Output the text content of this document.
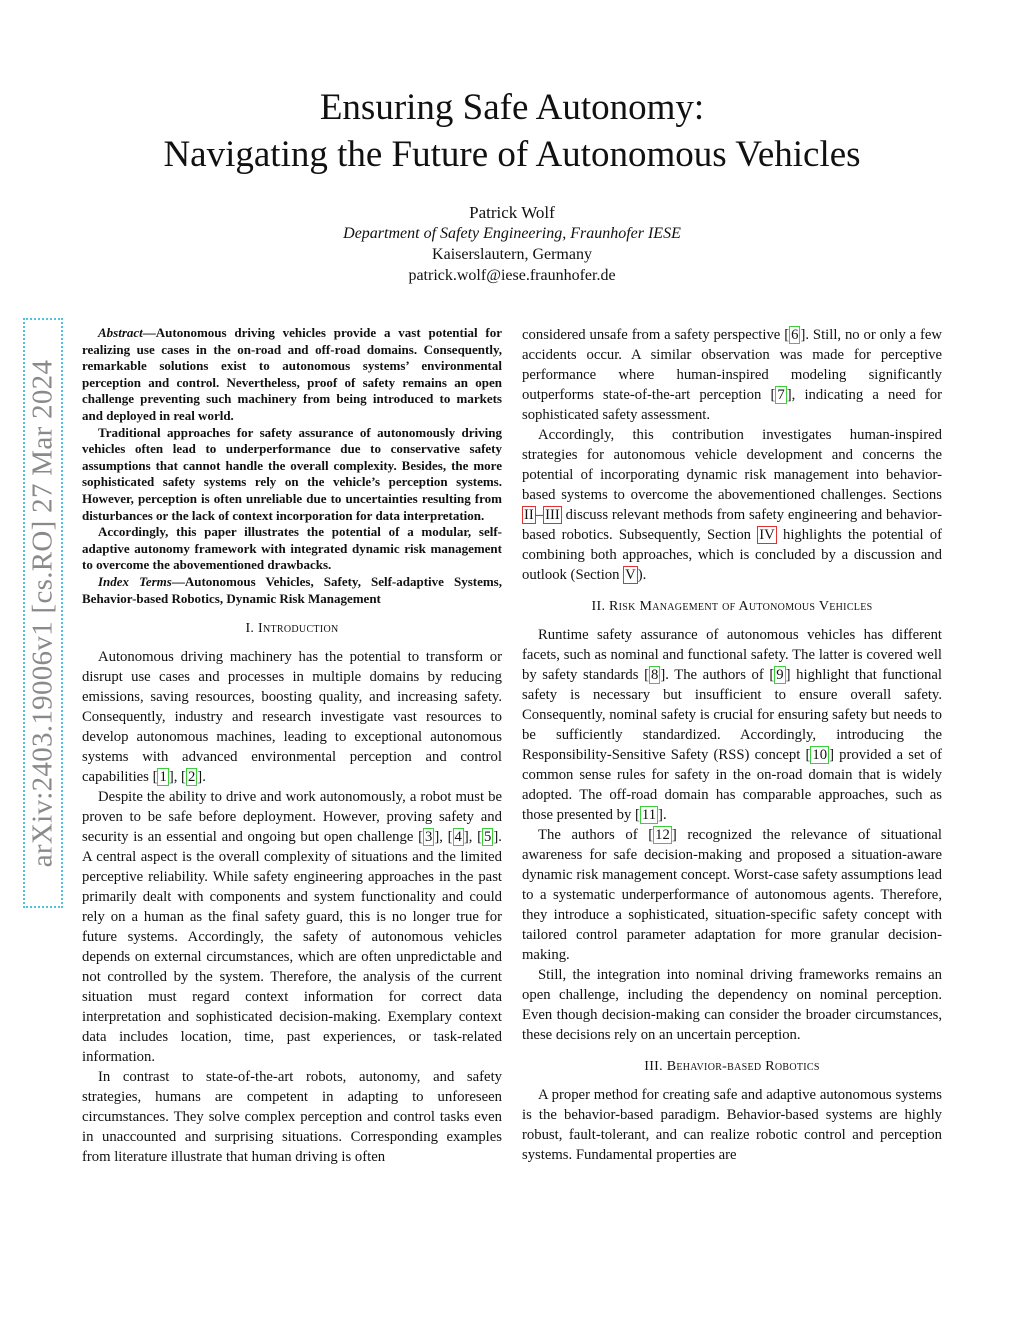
arXiv:2403.19006v1 [cs.RO] 27 Mar 2024
Ensuring Safe Autonomy:
Navigating the Future of Autonomous Vehicles
Patrick Wolf
Department of Safety Engineering, Fraunhofer IESE
Kaiserslautern, Germany
patrick.wolf@iese.fraunhofer.de

Abstract—Autonomous driving vehicles provide a vast potential for realizing use cases in the on-road and off-road domains. Consequently, remarkable solutions exist to autonomous systems’ environmental perception and control. Nevertheless, proof of safety remains an open challenge preventing such machinery from being introduced to markets and deployed in real world.

Traditional approaches for safety assurance of autonomously driving vehicles often lead to underperformance due to conservative safety assumptions that cannot handle the overall complexity. Besides, the more sophisticated safety systems rely on the vehicle’s perception systems. However, perception is often unreliable due to uncertainties resulting from disturbances or the lack of context incorporation for data interpretation.

Accordingly, this paper illustrates the potential of a modular, self-adaptive autonomy framework with integrated dynamic risk management to overcome the abovementioned drawbacks.

Index Terms—Autonomous Vehicles, Safety, Self-adaptive Systems, Behavior-based Robotics, Dynamic Risk Management

I. Introduction

Autonomous driving machinery has the potential to transform or disrupt use cases and processes in multiple domains by reducing emissions, saving resources, boosting quality, and increasing safety. Consequently, industry and research investigate vast resources to develop autonomous machines, leading to exceptional autonomous systems with advanced environmental perception and control capabilities [ 1 ], [ 2 ].

Despite the ability to drive and work autonomously, a robot must be proven to be safe before deployment. However, proving safety and security is an essential and ongoing but open challenge [ 3 ], [ 4 ], [ 5 ]. A central aspect is the overall complexity of situations and the limited perceptive reliability. While safety engineering approaches in the past primarily dealt with components and system functionality and could rely on a human as the final safety guard, this is no longer true for future systems. Accordingly, the safety of autonomous vehicles depends on external circumstances, which are often unpredictable and not controlled by the system. Therefore, the analysis of the current situation must regard context information for correct data interpretation and sophisticated decision-making. Exemplary context data includes location, time, past experiences, or task-related information.

In contrast to state-of-the-art robots, autonomy, and safety strategies, humans are competent in adapting to unforeseen circumstances. They solve complex perception and control tasks even in unaccounted and surprising situations. Corresponding examples from literature illustrate that human driving is often

considered unsafe from a safety perspective [ 6 ]. Still, no or only a few accidents occur. A similar observation was made for perceptive performance where human-inspired modeling significantly outperforms state-of-the-art perception [ 7 ], indicating a need for sophisticated safety assessment.

Accordingly, this contribution investigates human-inspired strategies for autonomous vehicle development and concerns the potential of incorporating dynamic risk management into behavior-based systems to overcome the abovementioned challenges. Sections II – III discuss relevant methods from safety engineering and behavior-based robotics. Subsequently, Section IV highlights the potential of combining both approaches, which is concluded by a discussion and outlook (Section V ).

II. Risk Management of Autonomous Vehicles

Runtime safety assurance of autonomous vehicles has different facets, such as nominal and functional safety. The latter is covered well by safety standards [ 8 ]. The authors of [ 9 ] highlight that functional safety is necessary but insufficient to ensure overall safety. Consequently, nominal safety is crucial for ensuring safety but needs to be sufficiently standardized. Accordingly, introducing the Responsibility-Sensitive Safety (RSS) concept [ 10 ] provided a set of common sense rules for safety in the on-road domain that is widely adopted. The off-road domain has comparable approaches, such as those presented by [ 11 ].

The authors of [ 12 ] recognized the relevance of situational awareness for safe decision-making and proposed a situation-aware dynamic risk management concept. Worst-case safety assumptions lead to a systematic underperformance of autonomous agents. Therefore, they introduce a sophisticated, situation-specific safety concept with tailored control parameter adaptation for more granular decision-making.

Still, the integration into nominal driving frameworks remains an open challenge, including the dependency on nominal perception. Even though decision-making can consider the broader circumstances, these decisions rely on an uncertain perception.

III. Behavior-based Robotics

A proper method for creating safe and adaptive autonomous systems is the behavior-based paradigm. Behavior-based systems are highly robust, fault-tolerant, and can realize robotic control and perception systems. Fundamental properties are
